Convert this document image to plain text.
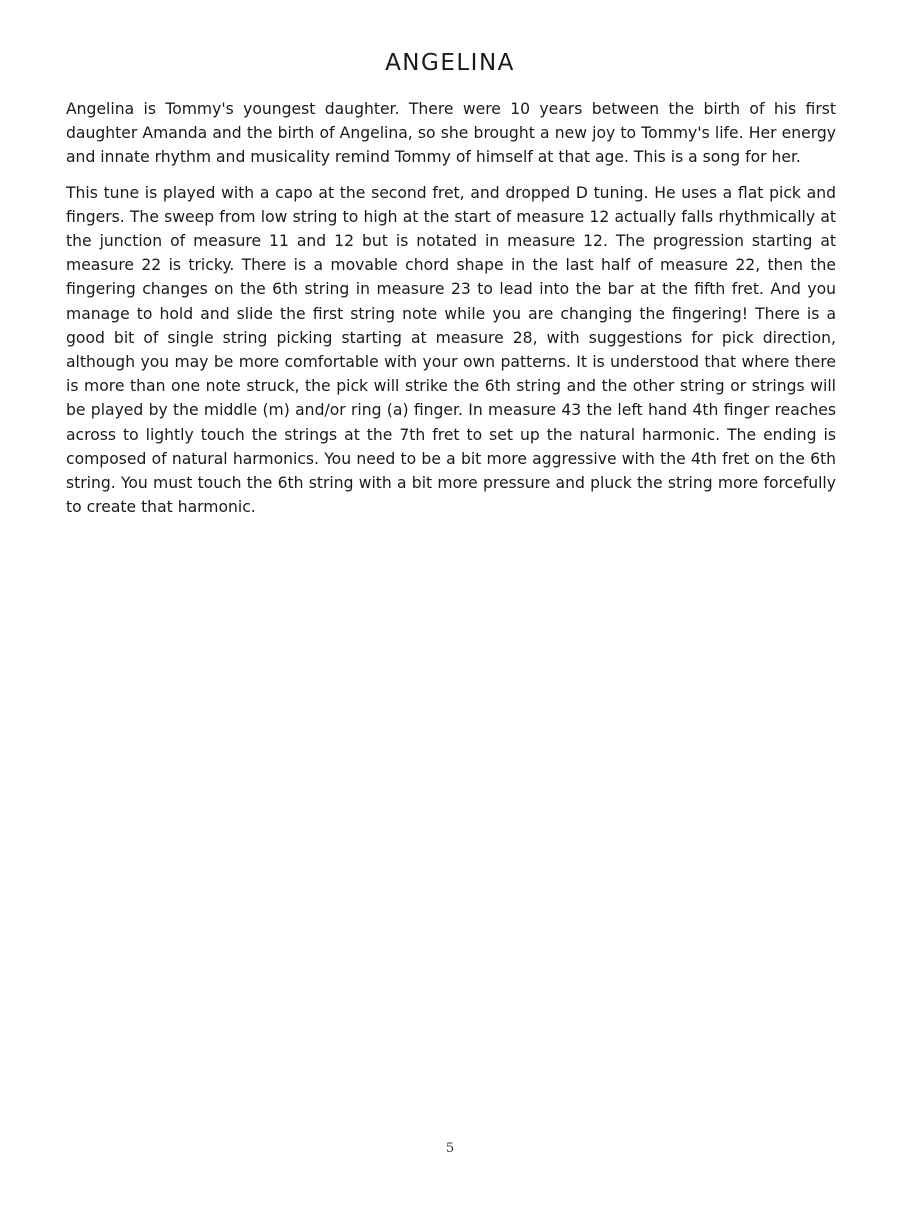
ANGELINA

Angelina is Tommy's youngest daughter. There were 10 years between the birth of his first daughter Amanda and the birth of Angelina, so she brought a new joy to Tommy's life. Her energy and innate rhythm and musicality remind Tommy of himself at that age. This is a song for her.

This tune is played with a capo at the second fret, and dropped D tuning. He uses a flat pick and fingers. The sweep from low string to high at the start of measure 12 actually falls rhythmically at the junction of measure 11 and 12 but is notated in measure 12. The progression starting at measure 22 is tricky. There is a movable chord shape in the last half of measure 22, then the fingering changes on the 6th string in measure 23 to lead into the bar at the fifth fret. And you manage to hold and slide the first string note while you are changing the fingering! There is a good bit of single string picking starting at measure 28, with suggestions for pick direction, although you may be more comfortable with your own patterns. It is understood that where there is more than one note struck, the pick will strike the 6th string and the other string or strings will be played by the middle (m) and/or ring (a) finger. In measure 43 the left hand 4th finger reaches across to lightly touch the strings at the 7th fret to set up the natural harmonic. The ending is composed of natural harmonics. You need to be a bit more aggressive with the 4th fret on the 6th string. You must touch the 6th string with a bit more pressure and pluck the string more forcefully to create that harmonic.

5
